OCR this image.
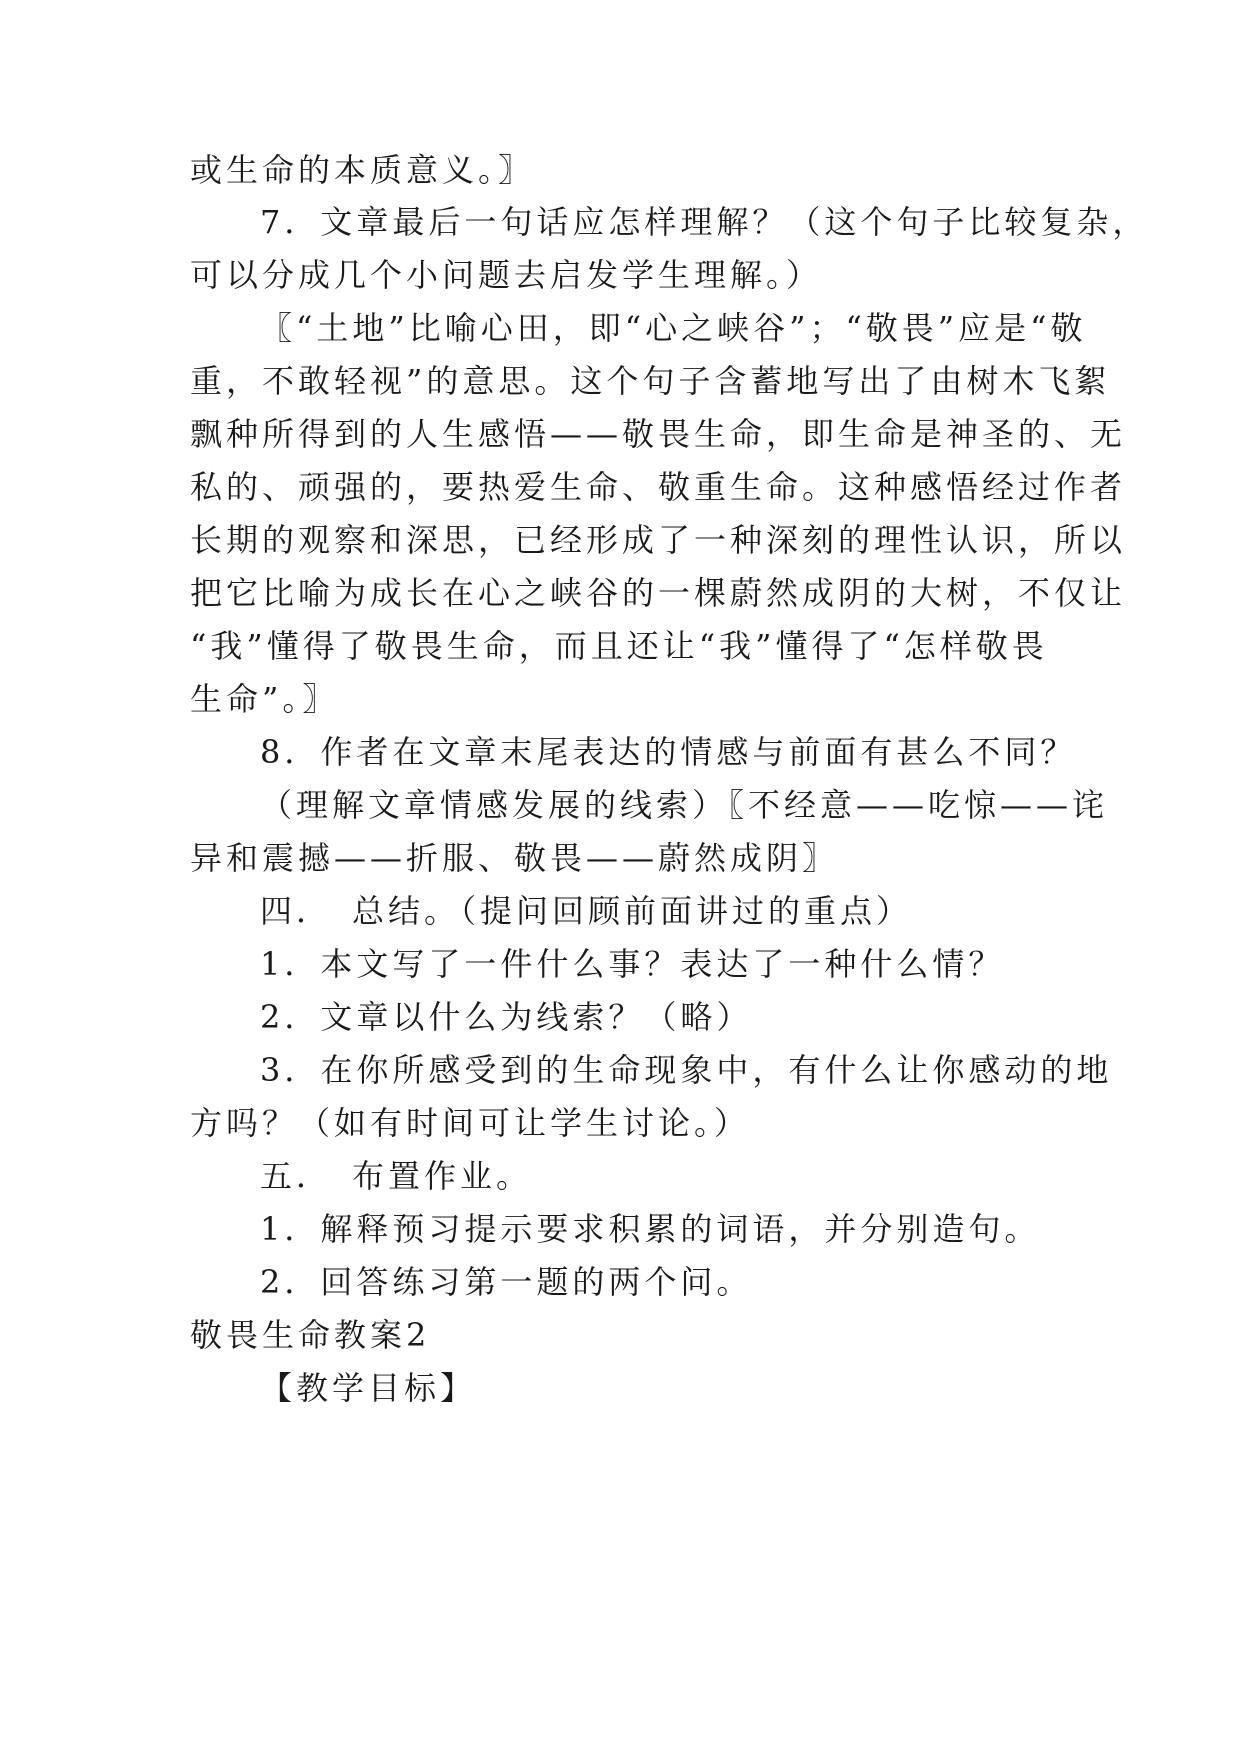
或生命的本质意义。〗
7．文章最后一句话应怎样理解？（这个句子比较复杂，
可以分成几个小问题去启发学生理解。）
〖“土地”比喻心田，即“心之峡谷”；“敬畏”应是“敬
重，不敢轻视”的意思。这个句子含蓄地写出了由树木飞絮
飘种所得到的人生感悟——敬畏生命，即生命是神圣的、无
私的、顽强的，要热爱生命、敬重生命。这种感悟经过作者
长期的观察和深思，已经形成了一种深刻的理性认识，所以
把它比喻为成长在心之峡谷的一棵蔚然成阴的大树，不仅让
“我”懂得了敬畏生命，而且还让“我”懂得了“怎样敬畏
生命”。〗
8．作者在文章末尾表达的情感与前面有甚么不同？
（理解文章情感发展的线索）〖不经意——吃惊——诧
异和震撼——折服、敬畏——蔚然成阴〗
四．　总结。（提问回顾前面讲过的重点）
1．本文写了一件什么事？表达了一种什么情？
2．文章以什么为线索？（略）
3．在你所感受到的生命现象中，有什么让你感动的地
方吗？（如有时间可让学生讨论。）
五．　布置作业。
1．解释预习提示要求积累的词语，并分别造句。
2．回答练习第一题的两个问。
敬畏生命教案2
【教学目标】
